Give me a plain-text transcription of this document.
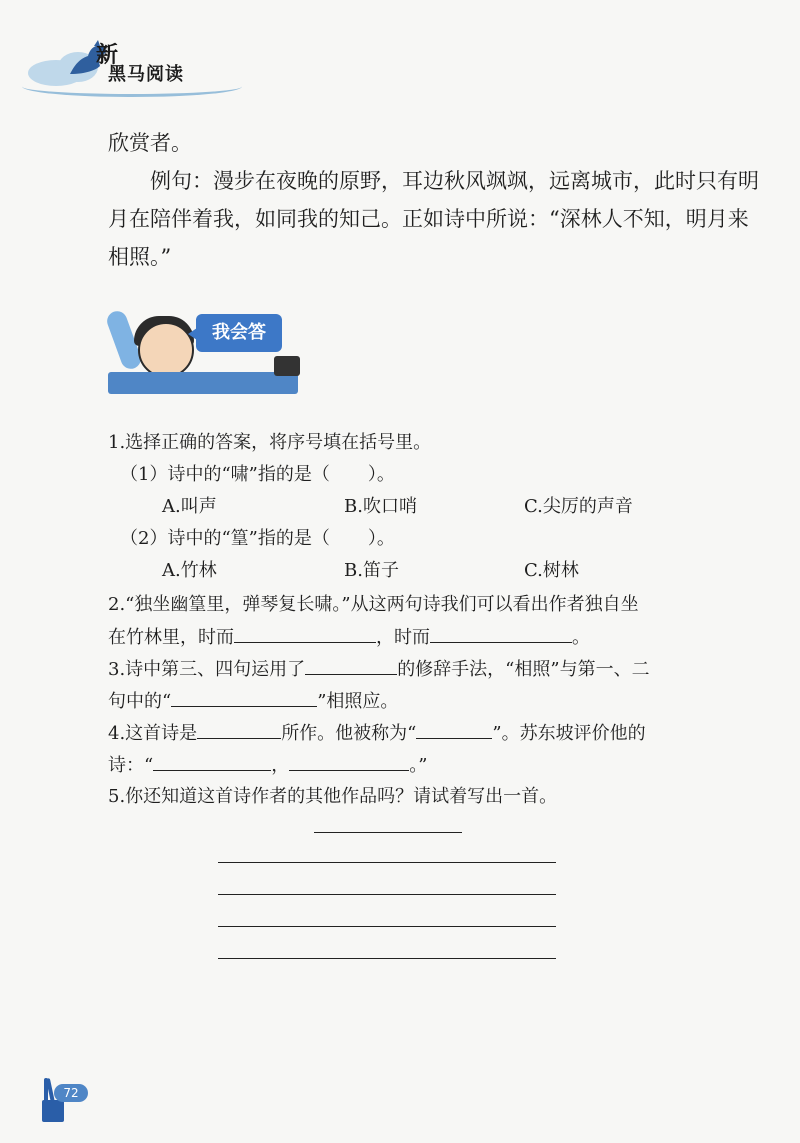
新
黑马阅读
欣赏者。
例句：漫步在夜晚的原野，耳边秋风飒飒，远离城市，此时只有明
月在陪伴着我，如同我的知己。正如诗中所说：“深林人不知，明月来
相照。”
我会答
1.选择正确的答案，将序号填在括号里。
（1）诗中的“啸”指的是（ ）。
A.叫声	B.吹口哨	C.尖厉的声音
（2）诗中的“篁”指的是（ ）。
A.竹林	B.笛子	C.树林
2.“独坐幽篁里，弹琴复长啸。”从这两句诗我们可以看出作者独自坐
在竹林里，时而	，时而	。
3.诗中第三、四句运用了	的修辞手法，“相照”与第一、二
句中的“	”相照应。
4.这首诗是	所作。他被称为“	”。苏东坡评价他的
诗：“	，	。”
5.你还知道这首诗作者的其他作品吗？请试着写出一首。
72
